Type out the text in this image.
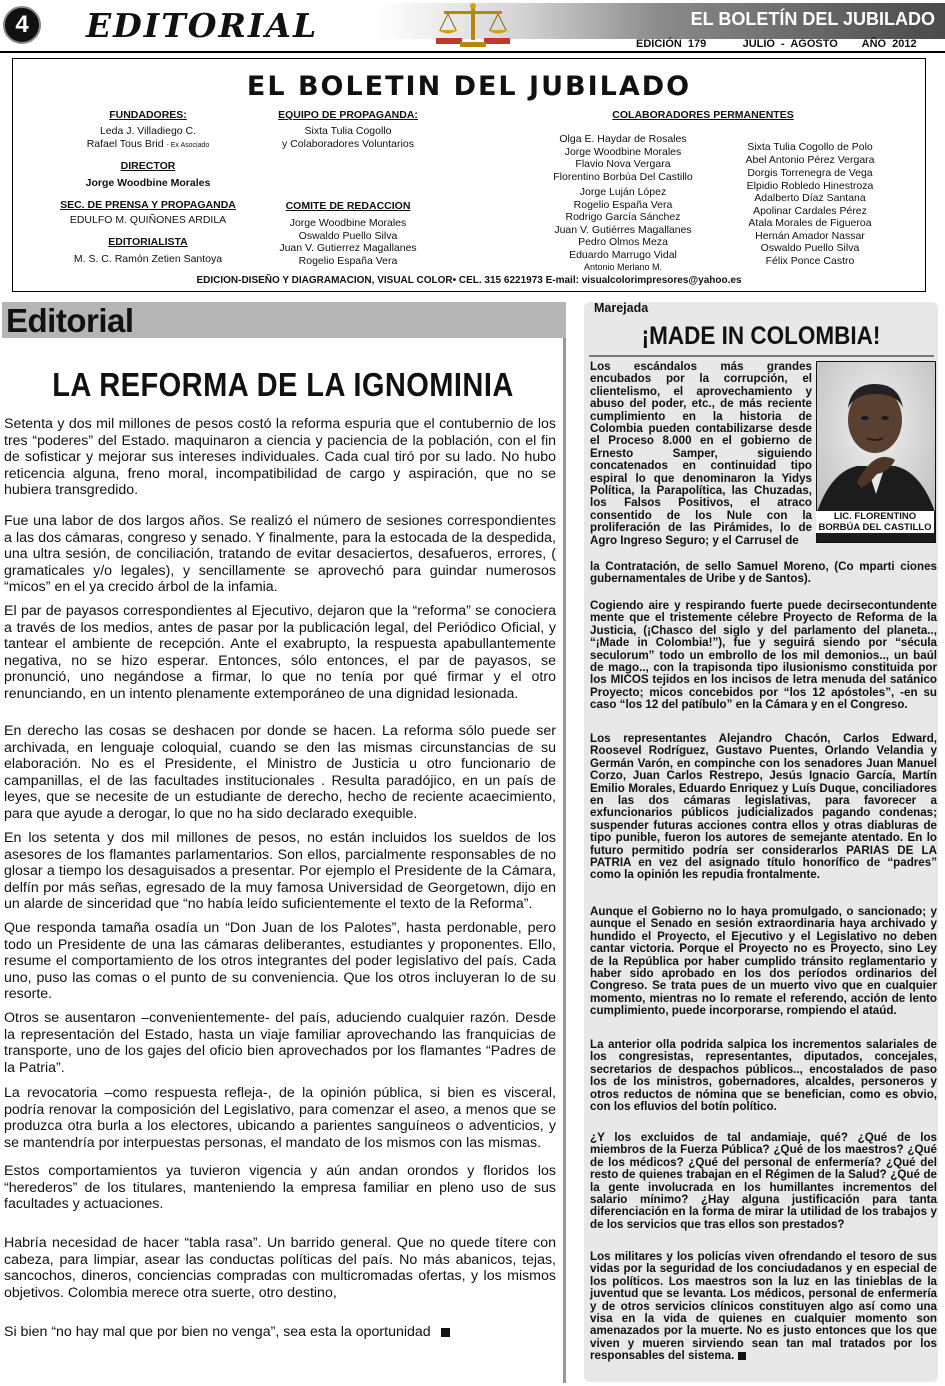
4	EDITORIAL	EL BOLETÍN DEL JUBILADO
EDICIÓN 179	JULIO - AGOSTO AÑO 2012
EL BOLETIN DEL JUBILADO
FUNDADORES:
Leda J. Villadiego C.
Rafael Tous Brid - Ex Asociado
DIRECTOR
Jorge Woodbine Morales
SEC. DE PRENSA Y PROPAGANDA
EDULFO M. QUIÑONES ARDILA
EDITORIALISTA
M. S. C. Ramón Zetien Santoya
EQUIPO DE PROPAGANDA:
Sixta Tulia Cogollo
y Colaboradores Voluntarios
COMITE DE REDACCION
Jorge Woodbine Morales
Oswaldo Puello Silva
Juan V. Gutierrez Magallanes
Rogelio España Vera
COLABORADORES PERMANENTES
Olga E. Haydar de Rosales
Jorge Woodbine Morales
Flavio Nova Vergara
Florentino Borbúa Del Castillo
Jorge Luján López
Rogelio España Vera
Rodrigo García Sánchez
Juan V. Gutiérres Magallanes
Pedro Olmos Meza
Eduardo Marrugo Vidal
Antonio Merlano M.
Sixta Tulia Cogollo de Polo
Abel Antonio Pérez Vergara
Dorgis Torrenegra de Vega
Elpidio Robledo Hinestroza
Adalberto Díaz Santana
Apolinar Cardales Pérez
Atala Morales de Figueroa
Hernán Amador Nassar
Oswaldo Puello Silva
Félix Ponce Castro
EDICION-DISEÑO Y DIAGRAMACION, VISUAL COLOR• CEL. 315 6221973 E-mail: visualcolorimpresores@yahoo.es
Editorial
LA REFORMA DE LA IGNOMINIA

Setenta y dos mil millones de pesos costó la reforma espuria que el contubernio de los tres “poderes” del Estado. maquinaron a ciencia y paciencia de la población, con el fin de sofisticar y mejorar sus intereses individuales. Cada cual tiró por su lado. No hubo reticencia alguna, freno moral, incompatibilidad de cargo y aspiración, que no se hubiera transgredido.

Fue una labor de dos largos años. Se realizó el número de sesiones correspondientes a las dos cámaras, congreso y senado. Y finalmente, para la estocada de la despedida, una ultra sesión, de conciliación, tratando de evitar desaciertos, desafueros, errores, ( gramaticales y/o legales), y sencillamente se aprovechó para guindar numerosos “micos” en el ya crecido árbol de la infamia.

El par de payasos correspondientes al Ejecutivo, dejaron que la “reforma” se conociera a través de los medios, antes de pasar por la publicación legal, del Periódico Oficial, y tantear el ambiente de recepción. Ante el exabrupto, la respuesta apabullantemente negativa, no se hizo esperar. Entonces, sólo entonces, el par de payasos, se pronunció, uno negándose a firmar, lo que no tenía por qué firmar y el otro renunciando, en un intento plenamente extemporáneo de una dignidad lesionada.

En derecho las cosas se deshacen por donde se hacen. La reforma sólo puede ser archivada, en lenguaje coloquial, cuando se den las mismas circunstancias de su elaboración. No es el Presidente, el Ministro de Justicia u otro funcionario de campanillas, el de las facultades institucionales . Resulta paradójico, en un país de leyes, que se necesite de un estudiante de derecho, hecho de reciente acaecimiento, para que ayude a derogar, lo que no ha sido declarado exequible.

En los setenta y dos mil millones de pesos, no están incluidos los sueldos de los asesores de los flamantes parlamentarios. Son ellos, parcialmente responsables de no glosar a tiempo los desaguisados a presentar. Por ejemplo el Presidente de la Cámara, delfín por más señas, egresado de la muy famosa Universidad de Georgetown, dijo en un alarde de sinceridad que “no había leído suficientemente el texto de la Reforma”.

Que responda tamaña osadía un “Don Juan de los Palotes”, hasta perdonable, pero todo un Presidente de una las cámaras deliberantes, estudiantes y proponentes. Ello, resume el comportamiento de los otros integrantes del poder legislativo del país. Cada uno, puso las comas o el punto de su conveniencia. Que los otros incluyeran lo de su resorte.

Otros se ausentaron –convenientemente- del país, aduciendo cualquier razón. Desde la representación del Estado, hasta un viaje familiar aprovechando las franquicias de transporte, uno de los gajes del oficio bien aprovechados por los flamantes “Padres de la Patria”.

La revocatoria –como respuesta refleja-, de la opinión pública, si bien es visceral, podría renovar la composición del Legislativo, para comenzar el aseo, a menos que se produzca otra burla a los electores, ubicando a parientes sanguíneos o adventicios, y se mantendría por interpuestas personas, el mandato de los mismos con las mismas.

Estos comportamientos ya tuvieron vigencia y aún andan orondos y floridos los “herederos” de los titulares, manteniendo la empresa familiar en pleno uso de sus facultades y actuaciones.

Habría necesidad de hacer “tabla rasa”. Un barrido general. Que no quede títere con cabeza, para limpiar, asear las conductas políticas del país. No más abanicos, tejas, sancochos, dineros, conciencias compradas con multicromadas ofertas, y los mismos objetivos. Colombia merece otra suerte, otro destino,

Si bien “no hay mal que por bien no venga”, sea esta la oportunidad

Marejada
¡MADE IN COLOMBIA!
LIC. FLORENTINO
BORBÚA DEL CASTILLO

Los escándalos más grandes encubados por la corrupción, el clientelismo, el aprovechamiento y abuso del poder, etc., de más reciente cumplimiento en la historia de Colombia pueden contabilizarse desde el Proceso 8.000 en el gobierno de Ernesto Samper, siguiendo concatenados en continuidad tipo espiral lo que denominaron la Yidys Política, la Parapolítica, las Chuzadas, los Falsos Positivos, el atraco consentido de los Nule con la proliferación de las Pirámides, lo de Agro Ingreso Seguro; y el Carrusel de

la Contratación, de sello Samuel Moreno, (Co mparti ciones gubernamentales de Uribe y de Santos).

Cogiendo aire y respirando fuerte puede decirsecontundente mente que el tristemente célebre Proyecto de Reforma de la Justicia, (¡Chasco del siglo y del parlamento del planeta.., “¡Made in Colombia!”), fue y seguirá siendo por “sécula seculorum” todo un embrollo de los mil demonios.., un baúl de mago.., con la trapisonda tipo ilusionismo constituida por los MICOS tejidos en los incisos de letra menuda del satánico Proyecto; micos concebidos por “los 12 apóstoles”, -en su caso “los 12 del patíbulo” en la Cámara y en el Congreso.

Los representantes Alejandro Chacón, Carlos Edward, Roosevel Rodríguez, Gustavo Puentes, Orlando Velandia y Germán Varón, en compinche con los senadores Juan Manuel Corzo, Juan Carlos Restrepo, Jesús Ignacio García, Martín Emilio Morales, Eduardo Enriquez y Luís Duque, conciliadores en las dos cámaras legislativas, para favorecer a exfuncionarios públicos judicializados pagando condenas; suspender futuras acciones contra ellos y otras diabluras de tipo punible, fueron los autores de semejante atentado. En lo futuro permitido podría ser considerarlos PARIAS DE LA PATRIA en vez del asignado título honorífico de “padres” como la opinión les repudia frontalmente.

Aunque el Gobierno no lo haya promulgado, o sancionado; y aunque el Senado en sesión extraordinaria haya archivado y hundido el Proyecto, el Ejecutivo y el Legislativo no deben cantar victoria. Porque el Proyecto no es Proyecto, sino Ley de la República por haber cumplido tránsito reglamentario y haber sido aprobado en los dos períodos ordinarios del Congreso. Se trata pues de un muerto vivo que en cualquier momento, mientras no lo remate el referendo, acción de lento cumplimiento, puede incorporarse, rompiendo el ataúd.

La anterior olla podrida salpica los incrementos salariales de los congresistas, representantes, diputados, concejales, secretarios de despachos públicos.., encostalados de paso los de los ministros, gobernadores, alcaldes, personeros y otros reductos de nómina que se benefician, como es obvio, con los efluvios del botín político.

¿Y los excluidos de tal andamiaje, qué? ¿Qué de los miembros de la Fuerza Pública? ¿Qué de los maestros? ¿Qué de los médicos? ¿Qué del personal de enfermería? ¿Qué del resto de quienes trabajan en el Régimen de la Salud? ¿Qué de la gente involucrada en los humillantes incrementos del salario mínimo? ¿Hay alguna justificación para tanta diferenciación en la forma de mirar la utilidad de los trabajos y de los servicios que tras ellos son prestados?

Los militares y los policías viven ofrendando el tesoro de sus vidas por la seguridad de los conciudadanos y en especial de los políticos. Los maestros son la luz en las tinieblas de la juventud que se levanta. Los médicos, personal de enfermería y de otros servicios clínicos constituyen algo así como una visa en la vida de quienes en cualquier momento son amenazados por la muerte. No es justo entonces que los que viven y mueren sirviendo sean tan mal tratados por los responsables del sistema.
